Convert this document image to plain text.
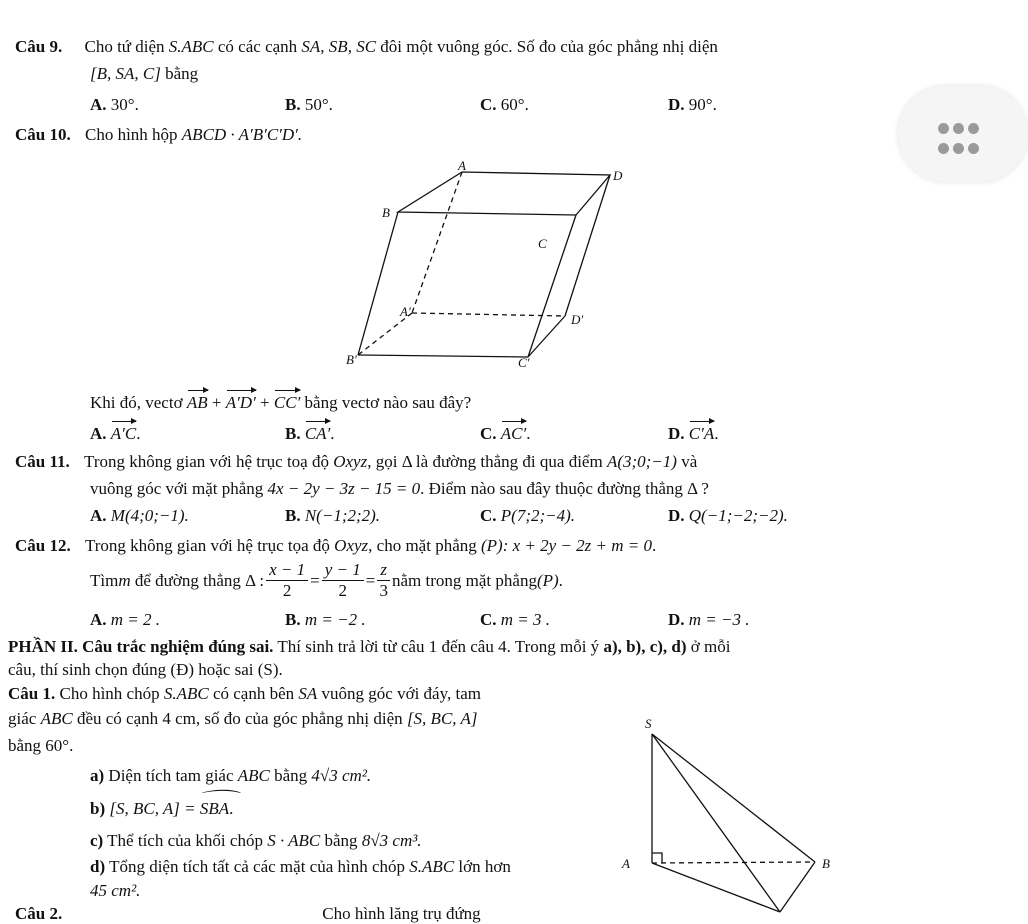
Câu 9. Cho tứ diện S.ABC có các cạnh SA, SB, SC đôi một vuông góc. Số đo của góc phẳng nhị diện
[B, SA, C] bằng
A. 30°.	B. 50°.	C. 60°.	D. 90°.
Câu 10. Cho hình hộp ABCD · A′B′C′D′.
A
D
B
C
A′
D′
B′	C′
Khi đó, vectơ AB + A′D′ + CC′ bằng vectơ nào sau đây?
A. A′C.	B. CA′.	C. AC′.	D. C′A.
Câu 11. Trong không gian với hệ trục toạ độ Oxyz, gọi Δ là đường thẳng đi qua điểm A(3;0;−1) và
vuông góc với mặt phẳng 4x − 2y − 3z − 15 = 0. Điểm nào sau đây thuộc đường thẳng Δ ?
A. M(4;0;−1).	B. N(−1;2;2).	C. P(7;2;−4).	D. Q(−1;−2;−2).
Câu 12. Trong không gian với hệ trục tọa độ Oxyz, cho mặt phẳng (P): x + 2y − 2z + m = 0.
Tìm m
để đường thẳng Δ : $\frac{x - 1}{2} = \frac{y - 1}{2} = \frac{z}{3}$ nằm trong mặt phẳng (P) .
A. m = 2 .	B. m = −2 .	C. m = 3 .	D. m = −3 .
PHẦN II. Câu trắc nghiệm đúng sai. Thí sinh trả lời từ câu 1 đến câu 4. Trong mỗi ý a), b), c), d) ở mỗi
câu, thí sinh chọn đúng (Đ) hoặc sai (S).
Câu 1. Cho hình chóp S.ABC có cạnh bên SA vuông góc với đáy, tam
giác ABC đều có cạnh 4 cm, số đo của góc phẳng nhị diện [S, BC, A]
bằng 60°.
a) Diện tích tam giác ABC bằng 4√3 cm².
b) [S, BC, A] = ⌒ SBA.
c) Thể tích của khối chóp S · ABC bằng 8√3 cm³.
d) Tổng diện tích tất cả các mặt của hình chóp S.ABC lớn hơn
45 cm².
S
A	B
Câu 2.	Cho hình lăng trụ đứng
